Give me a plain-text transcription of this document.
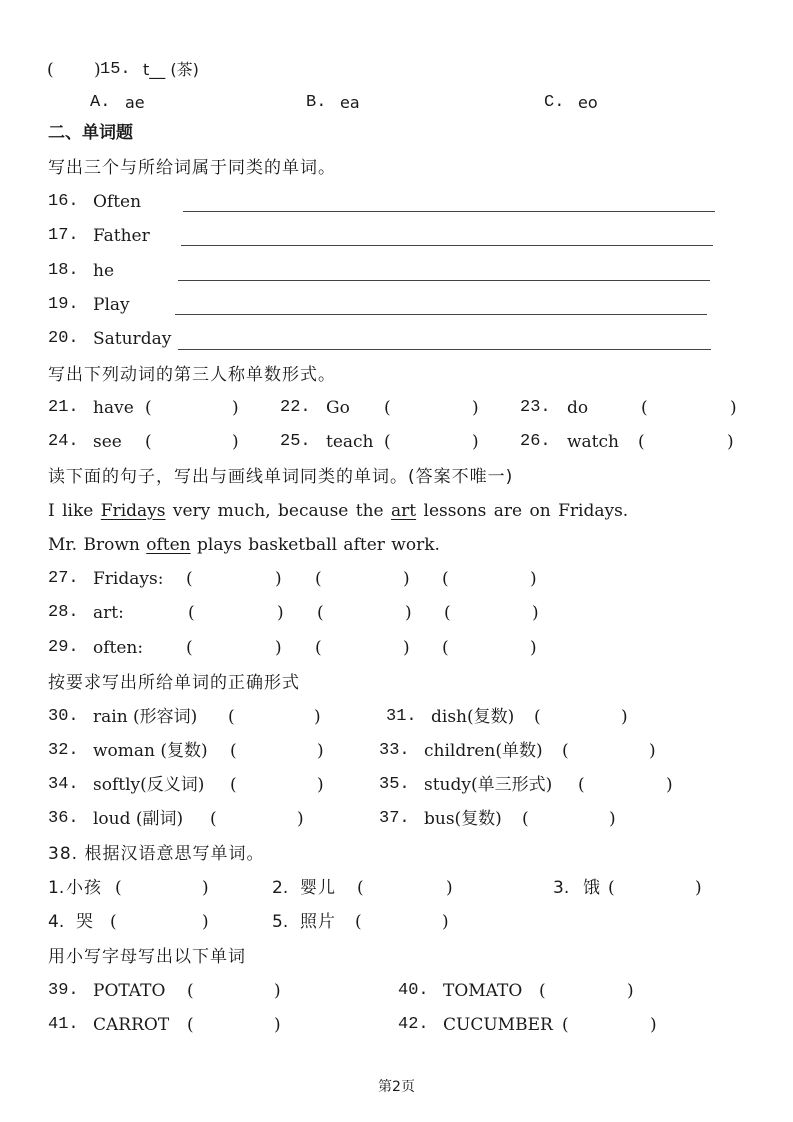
( ) 15. t__ (茶)
A. ae	B. ea	C. eo
二、单词题
写出三个与所给词属于同类的单词。
16. Often
17. Father
18. he
19. Play
20. Saturday
写出下列动词的第三人称单数形式。
21. have (	) 22. Go (	) 23. do	(	)
24. see (	) 25. teach (	) 26. watch (	)
读下面的句子，写出与画线单词同类的单词。(答案不唯一)
I like Fridays very much, because the art lessons are on Fridays.
Mr. Brown often plays basketball after work.
27. Fridays: (	) (	) (	)
28. art:	(	) (	) (	)
29. often:	(	) (	) (	)
按要求写出所给单词的正确形式
30. rain (形容词) (	)	31. dish(复数) (	)
32. woman (复数) (	)	33. children(单数) (	)
34. softly(反义词) (	)	35. study(单三形式) (	)
36. loud (副词) (	)	37. bus(复数) (	)
38. 根据汉语意思写单词。
1. 小孩 (	)	2. 婴儿 (	)	3. 饿 (	)
4. 哭 (	)	5. 照片 (	)
用小写字母写出以下单词
39. POTATO (	)	40. TOMATO (	)
41. CARROT (	)	42. CUCUMBER (	)
第2页
